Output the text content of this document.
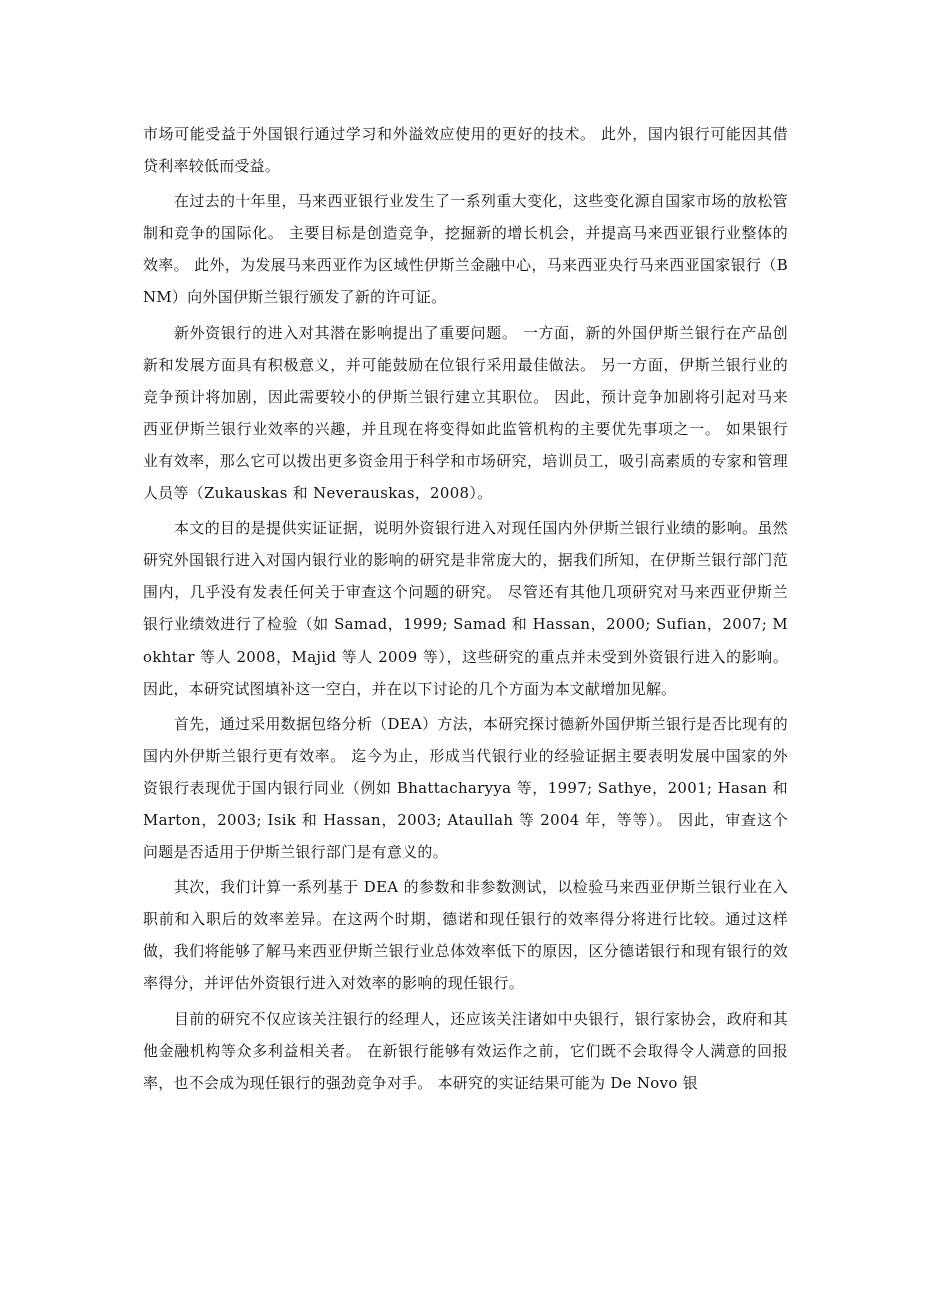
市场可能受益于外国银行通过学习和外溢效应使用的更好的技术。 此外，国内银行可能因其借贷利率较低而受益。

在过去的十年里，马来西亚银行业发生了一系列重大变化，这些变化源自国家市场的放松管制和竞争的国际化。 主要目标是创造竞争，挖掘新的增长机会，并提高马来西亚银行业整体的效率。 此外，为发展马来西亚作为区域性伊斯兰金融中心，马来西亚央行马来西亚国家银行（BNM）向外国伊斯兰银行颁发了新的许可证。

新外资银行的进入对其潜在影响提出了重要问题。 一方面，新的外国伊斯兰银行在产品创新和发展方面具有积极意义，并可能鼓励在位银行采用最佳做法。 另一方面，伊斯兰银行业的竞争预计将加剧，因此需要较小的伊斯兰银行建立其职位。 因此，预计竞争加剧将引起对马来西亚伊斯兰银行业效率的兴趣，并且现在将变得如此监管机构的主要优先事项之一。 如果银行业有效率，那么它可以拨出更多资金用于科学和市场研究，培训员工，吸引高素质的专家和管理人员等（Zukauskas 和 Neverauskas，2008）。

本文的目的是提供实证证据，说明外资银行进入对现任国内外伊斯兰银行业绩的影响。虽然研究外国银行进入对国内银行业的影响的研究是非常庞大的，据我们所知，在伊斯兰银行部门范围内，几乎没有发表任何关于审查这个问题的研究。 尽管还有其他几项研究对马来西亚伊斯兰银行业绩效进行了检验（如 Samad，1999; Samad 和 Hassan，2000; Sufian，2007; Mokhtar 等人 2008，Majid 等人 2009 等），这些研究的重点并未受到外资银行进入的影响。因此，本研究试图填补这一空白，并在以下讨论的几个方面为本文献增加见解。

首先，通过采用数据包络分析（DEA）方法，本研究探讨德新外国伊斯兰银行是否比现有的国内外伊斯兰银行更有效率。 迄今为止，形成当代银行业的经验证据主要表明发展中国家的外资银行表现优于国内银行同业（例如 Bhattacharyya 等，1997; Sathye，2001; Hasan 和 Marton，2003; Isik 和 Hassan，2003; Ataullah 等 2004 年，等等）。 因此，审查这个问题是否适用于伊斯兰银行部门是有意义的。

其次，我们计算一系列基于 DEA 的参数和非参数测试，以检验马来西亚伊斯兰银行业在入职前和入职后的效率差异。在这两个时期，德诺和现任银行的效率得分将进行比较。通过这样做，我们将能够了解马来西亚伊斯兰银行业总体效率低下的原因，区分德诺银行和现有银行的效率得分，并评估外资银行进入对效率的影响的现任银行。

目前的研究不仅应该关注银行的经理人，还应该关注诸如中央银行，银行家协会，政府和其他金融机构等众多利益相关者。 在新银行能够有效运作之前，它们既不会取得令人满意的回报率，也不会成为现任银行的强劲竞争对手。 本研究的实证结果可能为 De Novo 银
